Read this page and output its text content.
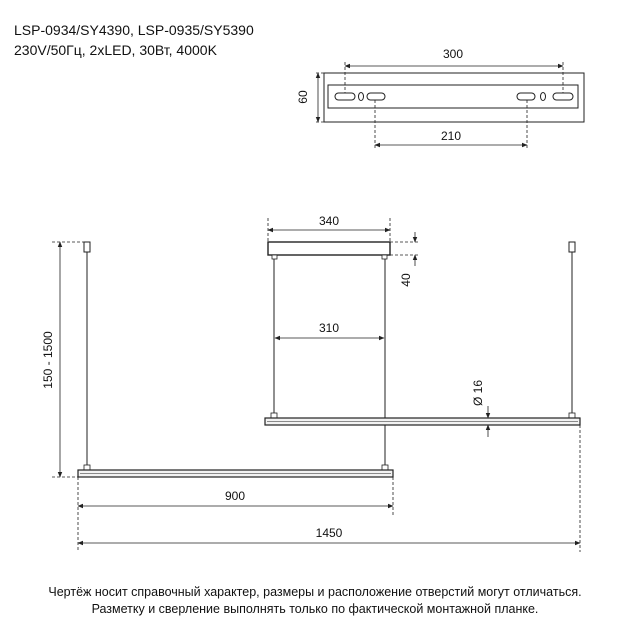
LSP-0934/SY4390, LSP-0935/SY5390
230V/50Гц, 2xLED, 30Вт, 4000K	300
210
60
340
40
310
Ø 16
150 - 1500
900
1450
Чертёж носит справочный характер, размеры и расположение отверстий могут отличаться.
Разметку и сверление выполнять только по фактической монтажной планке.
